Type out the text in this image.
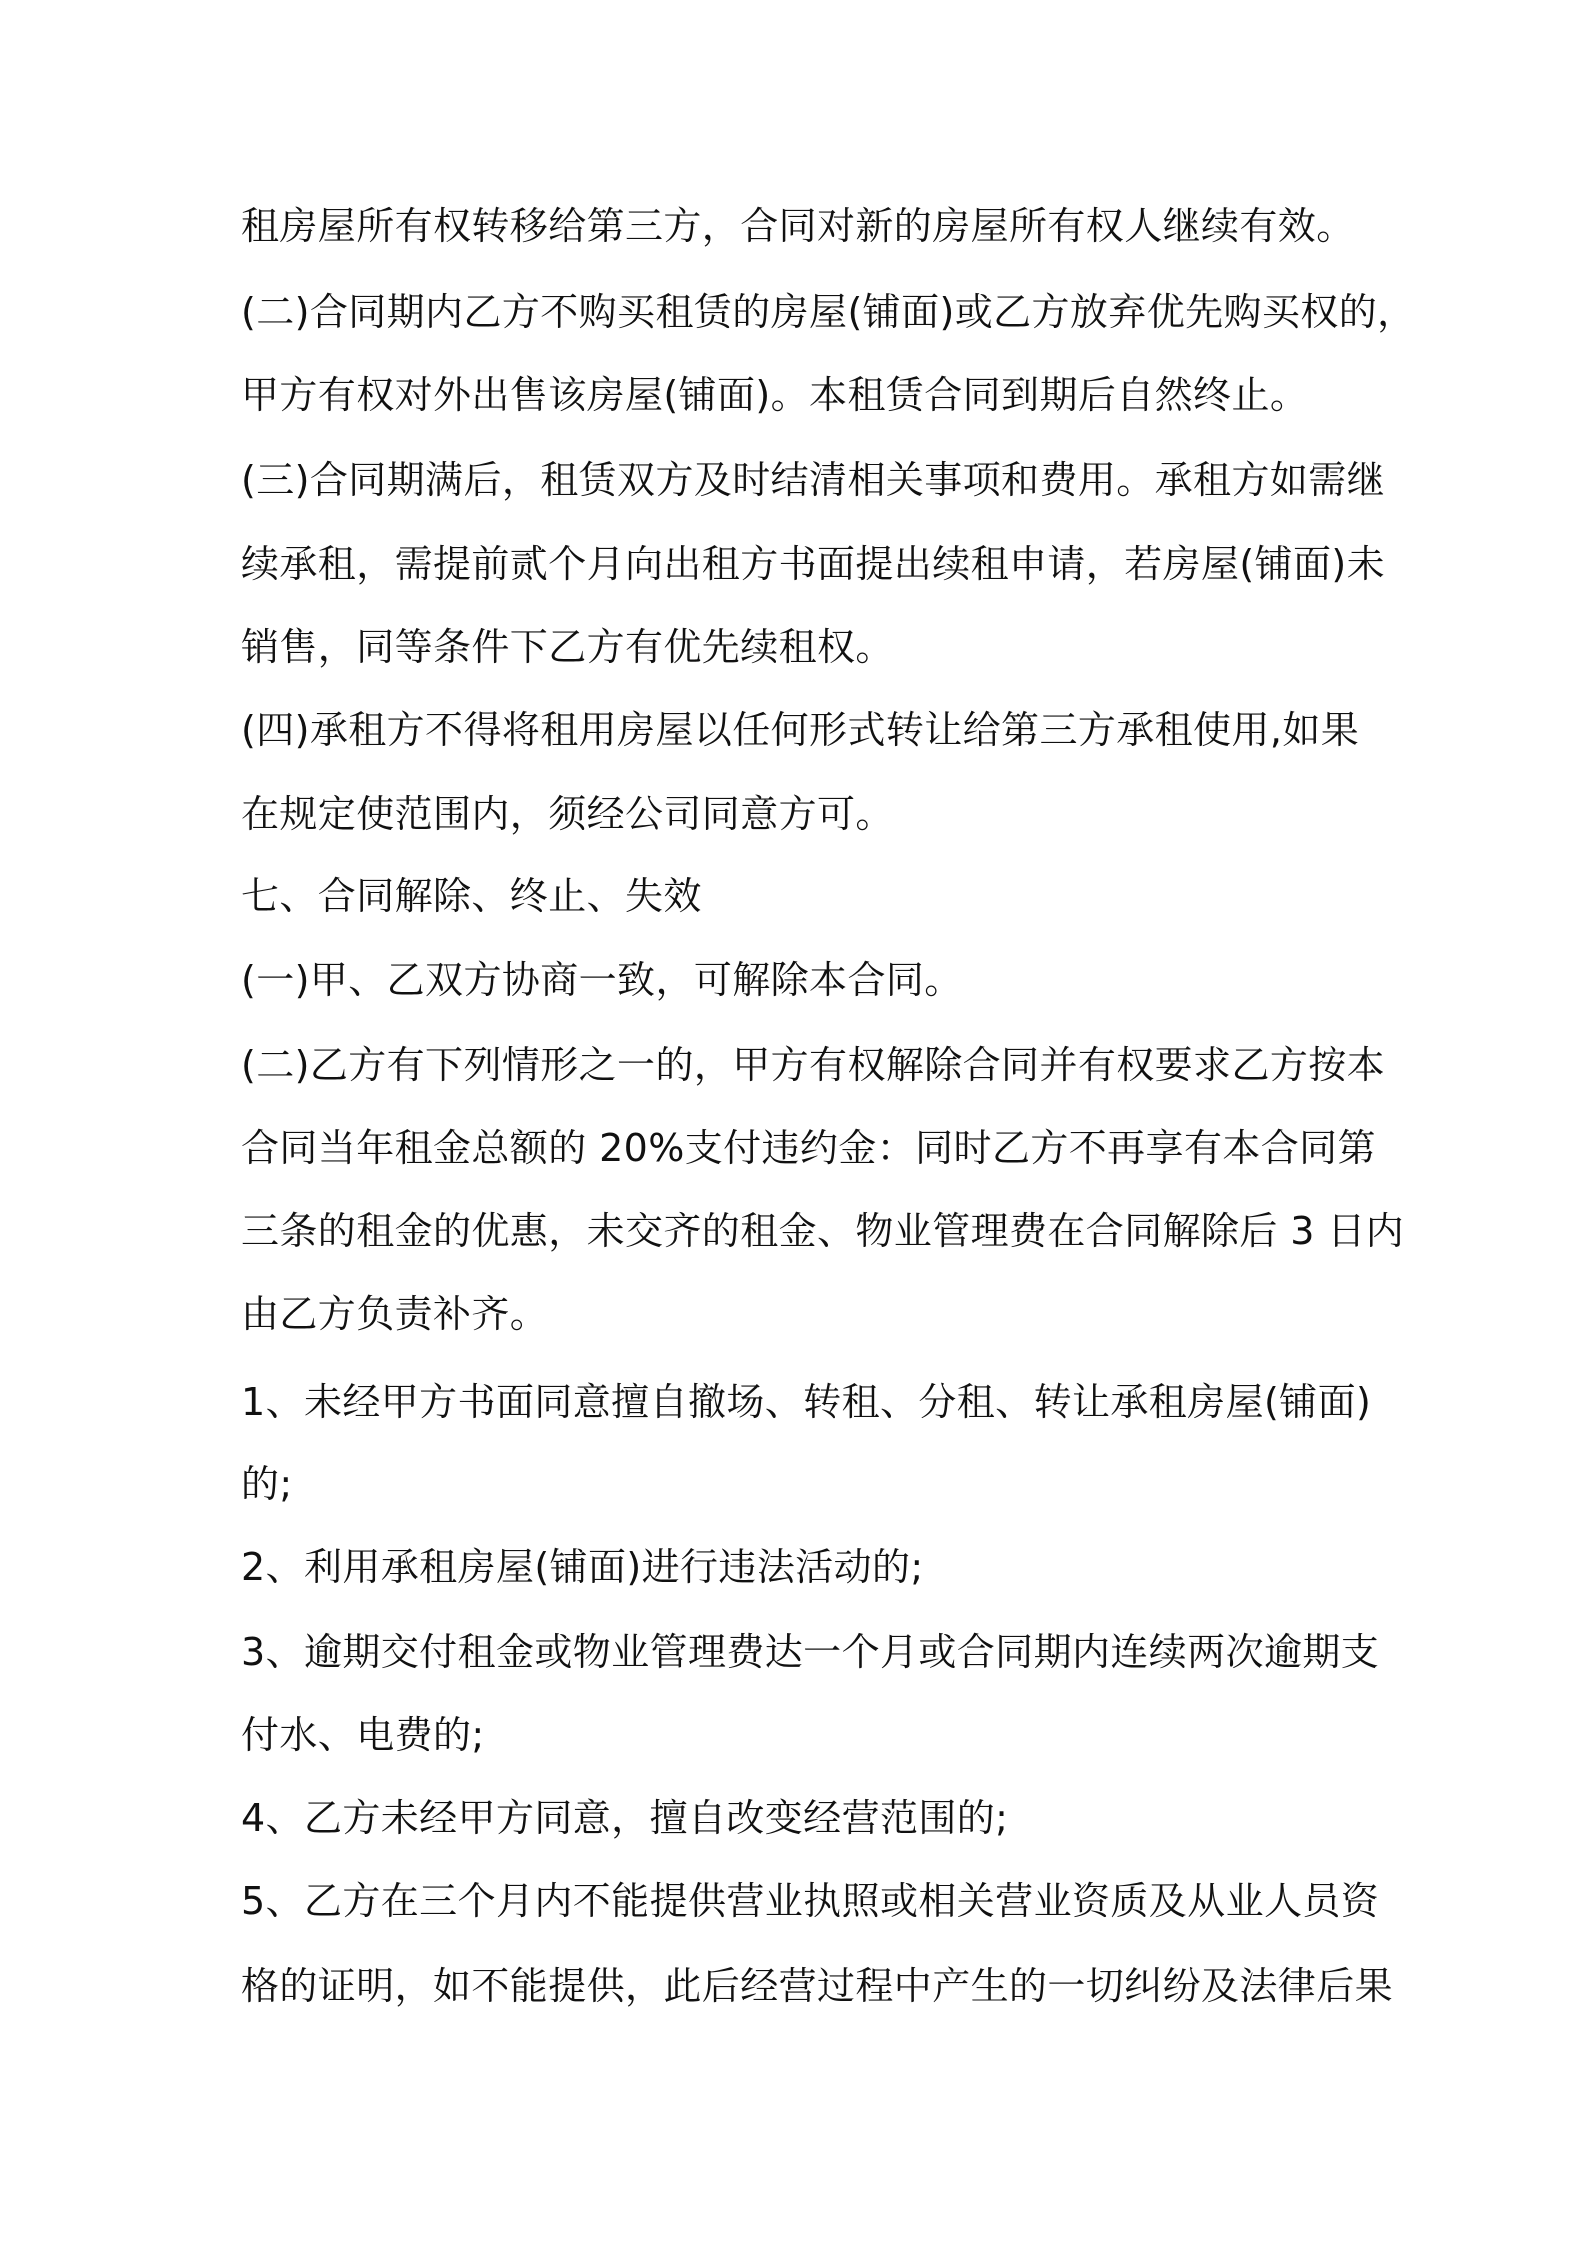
租房屋所有权转移给第三方，合同对新的房屋所有权人继续有效。
(二)合同期内乙方不购买租赁的房屋(铺面)或乙方放弃优先购买权的，
甲方有权对外出售该房屋(铺面)。本租赁合同到期后自然终止。
(三)合同期满后，租赁双方及时结清相关事项和费用。承租方如需继
续承租，需提前贰个月向出租方书面提出续租申请，若房屋(铺面)未
销售，同等条件下乙方有优先续租权。
(四)承租方不得将租用房屋以任何形式转让给第三方承租使用,如果
在规定使范围内，须经公司同意方可。
七、合同解除、终止、失效
(一)甲、乙双方协商一致，可解除本合同。
(二)乙方有下列情形之一的，甲方有权解除合同并有权要求乙方按本
合同当年租金总额的 20%支付违约金：同时乙方不再享有本合同第
三条的租金的优惠，未交齐的租金、物业管理费在合同解除后 3 日内
由乙方负责补齐。
1、未经甲方书面同意擅自撤场、转租、分租、转让承租房屋(铺面)
的;
2、利用承租房屋(铺面)进行违法活动的;
3、逾期交付租金或物业管理费达一个月或合同期内连续两次逾期支
付水、电费的;
4、乙方未经甲方同意，擅自改变经营范围的;
5、乙方在三个月内不能提供营业执照或相关营业资质及从业人员资
格的证明，如不能提供，此后经营过程中产生的一切纠纷及法律后果
